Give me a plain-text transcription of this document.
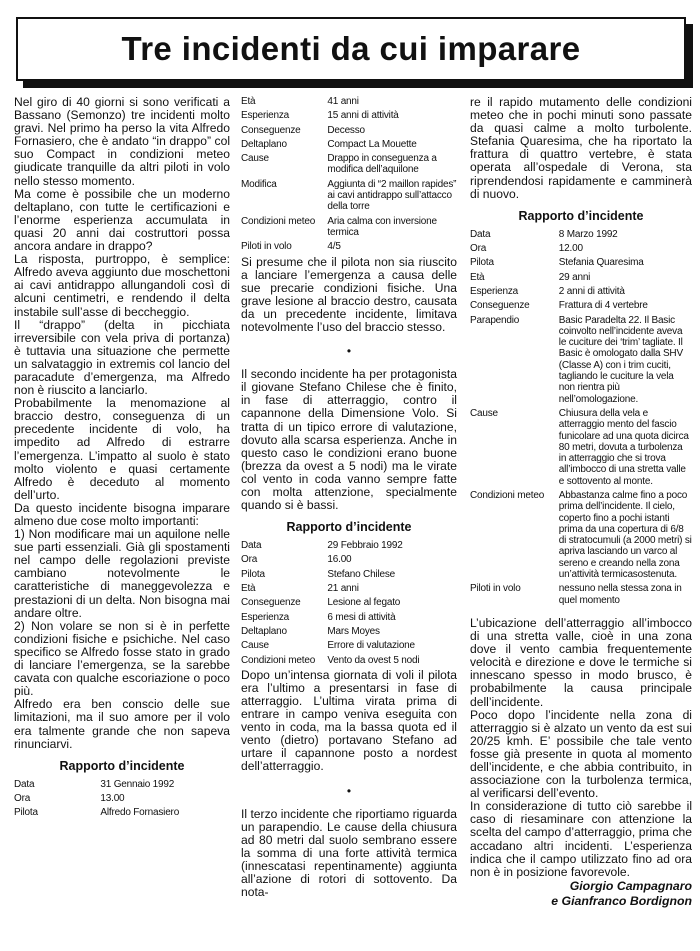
Tre incidenti da cui imparare

Nel giro di 40 giorni si sono verificati a Bassano (Semonzo) tre incidenti molto gravi. Nel primo ha perso la vita Alfredo Fornasiero, che è andato “in drappo” col suo Compact in condizioni meteo giudicate tranquille da altri piloti in volo nello stesso momento.

Ma come è possibile che un moderno deltaplano, con tutte le certificazioni e l’enorme esperienza accumulata in quasi 20 anni dai costruttori possa ancora andare in drappo?

La risposta, purtroppo, è semplice: Alfredo aveva aggiunto due moschettoni ai cavi antidrappo allungandoli così di alcuni centimetri, e rendendo il delta instabile sull’asse di beccheggio.

Il “drappo” (delta in picchiata irreversibile con vela priva di portanza) è tuttavia una situazione che permette un salvataggio in extremis col lancio del paracadute d’emergenza, ma Alfredo non è riuscito a lanciarlo.

Probabilmente la menomazione al braccio destro, conseguenza di un precedente incidente di volo, ha impedito ad Alfredo di estrarre l’emergenza. L’impatto al suolo è stato molto violento e quasi certamente Alfredo è deceduto al momento dell’urto.

Da questo incidente bisogna imparare almeno due cose molto importanti:

1) Non modificare mai un aquilone nelle sue parti essenziali. Già gli spostamenti nel campo delle regolazioni previste cambiano notevolmente le caratteristiche di maneggevolezza e prestazioni di un delta. Non bisogna mai andare oltre.

2) Non volare se non si è in perfette condizioni fisiche e psichiche. Nel caso specifico se Alfredo fosse stato in grado di lanciare l’emergenza, se la sarebbe cavata con qualche escoriazione o poco più.

Alfredo era ben conscio delle sue limitazioni, ma il suo amore per il volo era talmente grande che non sapeva rinunciarvi.

Rapporto d’incidente
Data	31 Gennaio 1992
Ora	13.00
Pilota	Alfredo Fornasiero
Età	41 anni
Esperienza	15 anni di attività
Conseguenze	Decesso
Deltaplano	Compact La Mouette
Cause	Drappo in conseguenza a modifica dell’aquilone
Modifica	Aggiunta di “2 maillon rapides” ai cavi antidrappo sull’attacco della torre
Condizioni meteo	Aria calma con inversione termica
Piloti in volo	4/5

Si presume che il pilota non sia riuscito a lanciare l’emergenza a causa delle sue precarie condizioni fisiche. Una grave lesione al braccio destro, causata da un precedente incidente, limitava notevolmente l’uso del braccio stesso.

•

Il secondo incidente ha per protagonista il giovane Stefano Chilese che è finito, in fase di atterraggio, contro il capannone della Dimensione Volo. Si tratta di un tipico errore di valutazione, dovuto alla scarsa esperienza. Anche in questo caso le condizioni erano buone (brezza da ovest a 5 nodi) ma le virate col vento in coda vanno sempre fatte con molta attenzione, specialmente quando si è bassi.

Rapporto d’incidente
Data	29 Febbraio 1992
Ora	16.00
Pilota	Stefano Chilese
Età	21 anni
Conseguenze	Lesione al fegato
Esperienza	6 mesi di attività
Deltaplano	Mars Moyes
Cause	Errore di valutazione
Condizioni meteo	Vento da ovest 5 nodi

Dopo un’intensa giornata di voli il pilota era l’ultimo a presentarsi in fase di atterraggio. L’ultima virata prima di entrare in campo veniva eseguita con vento in coda, ma la bassa quota ed il vento (dietro) portavano Stefano ad urtare il capannone posto a nordest dell’atterraggio.

•

Il terzo incidente che riportiamo riguarda un parapendio. Le cause della chiusura ad 80 metri dal suolo sembrano essere la somma di una forte attività termica (innescatasi repentinamente) aggiunta all’azione di rotori di sottovento. Da nota-

re il rapido mutamento delle condizioni meteo che in pochi minuti sono passate da quasi calme a molto turbolente. Stefania Quaresima, che ha riportato la frattura di quattro vertebre, è stata operata all’ospedale di Verona, sta riprendendosi rapidamente e camminerà di nuovo.

Rapporto d’incidente
Data	8 Marzo 1992
Ora	12.00
Pilota	Stefania Quaresima
Età	29 anni
Esperienza	2 anni di attività
Conseguenze	Frattura di 4 vertebre
Parapendio	Basic Paradelta 22. Il Basic coinvolto nell’incidente aveva le cuciture dei ‘trim’ tagliate. Il Basic è omologato dalla SHV (Classe A) con i trim cuciti, tagliando le cuciture la vela non rientra più nell’omologazione.
Cause	Chiusura della vela e atterraggio mento del fascio funicolare ad una quota dicirca 80 metri, dovuta a turbolenza in atterraggio che si trova all’imbocco di una stretta valle e sottovento al monte.
Condizioni meteo	Abbastanza calme fino a poco prima dell’incidente. Il cielo, coperto fino a pochi istanti prima da una copertura di 6/8 di stratocumuli (a 2000 metri) si apriva lasciando un varco al sereno e creando nella zona un’attività termicasostenuta.
Piloti in volo	nessuno nella stessa zona in quel momento

L’ubicazione dell’atterraggio all’imbocco di una stretta valle, cioè in una zona dove il vento cambia frequentemente velocità e direzione e dove le termiche si innescano spesso in modo brusco, è probabilmente la causa principale dell’incidente.

Poco dopo l’incidente nella zona di atterraggio si è alzato un vento da est sui 20/25 kmh. E’ possibile che tale vento fosse già presente in quota al momento dell’incidente, e che abbia contribuito, in associazione con la turbolenza termica, al verificarsi dell’evento.

In considerazione di tutto ciò sarebbe il caso di riesaminare con attenzione la scelta del campo d’atterraggio, prima che accadano altri incidenti. L’esperienza indica che il campo utilizzato fino ad ora non è in posizione favorevole.

Giorgio Campagnaro
e Gianfranco Bordignon
